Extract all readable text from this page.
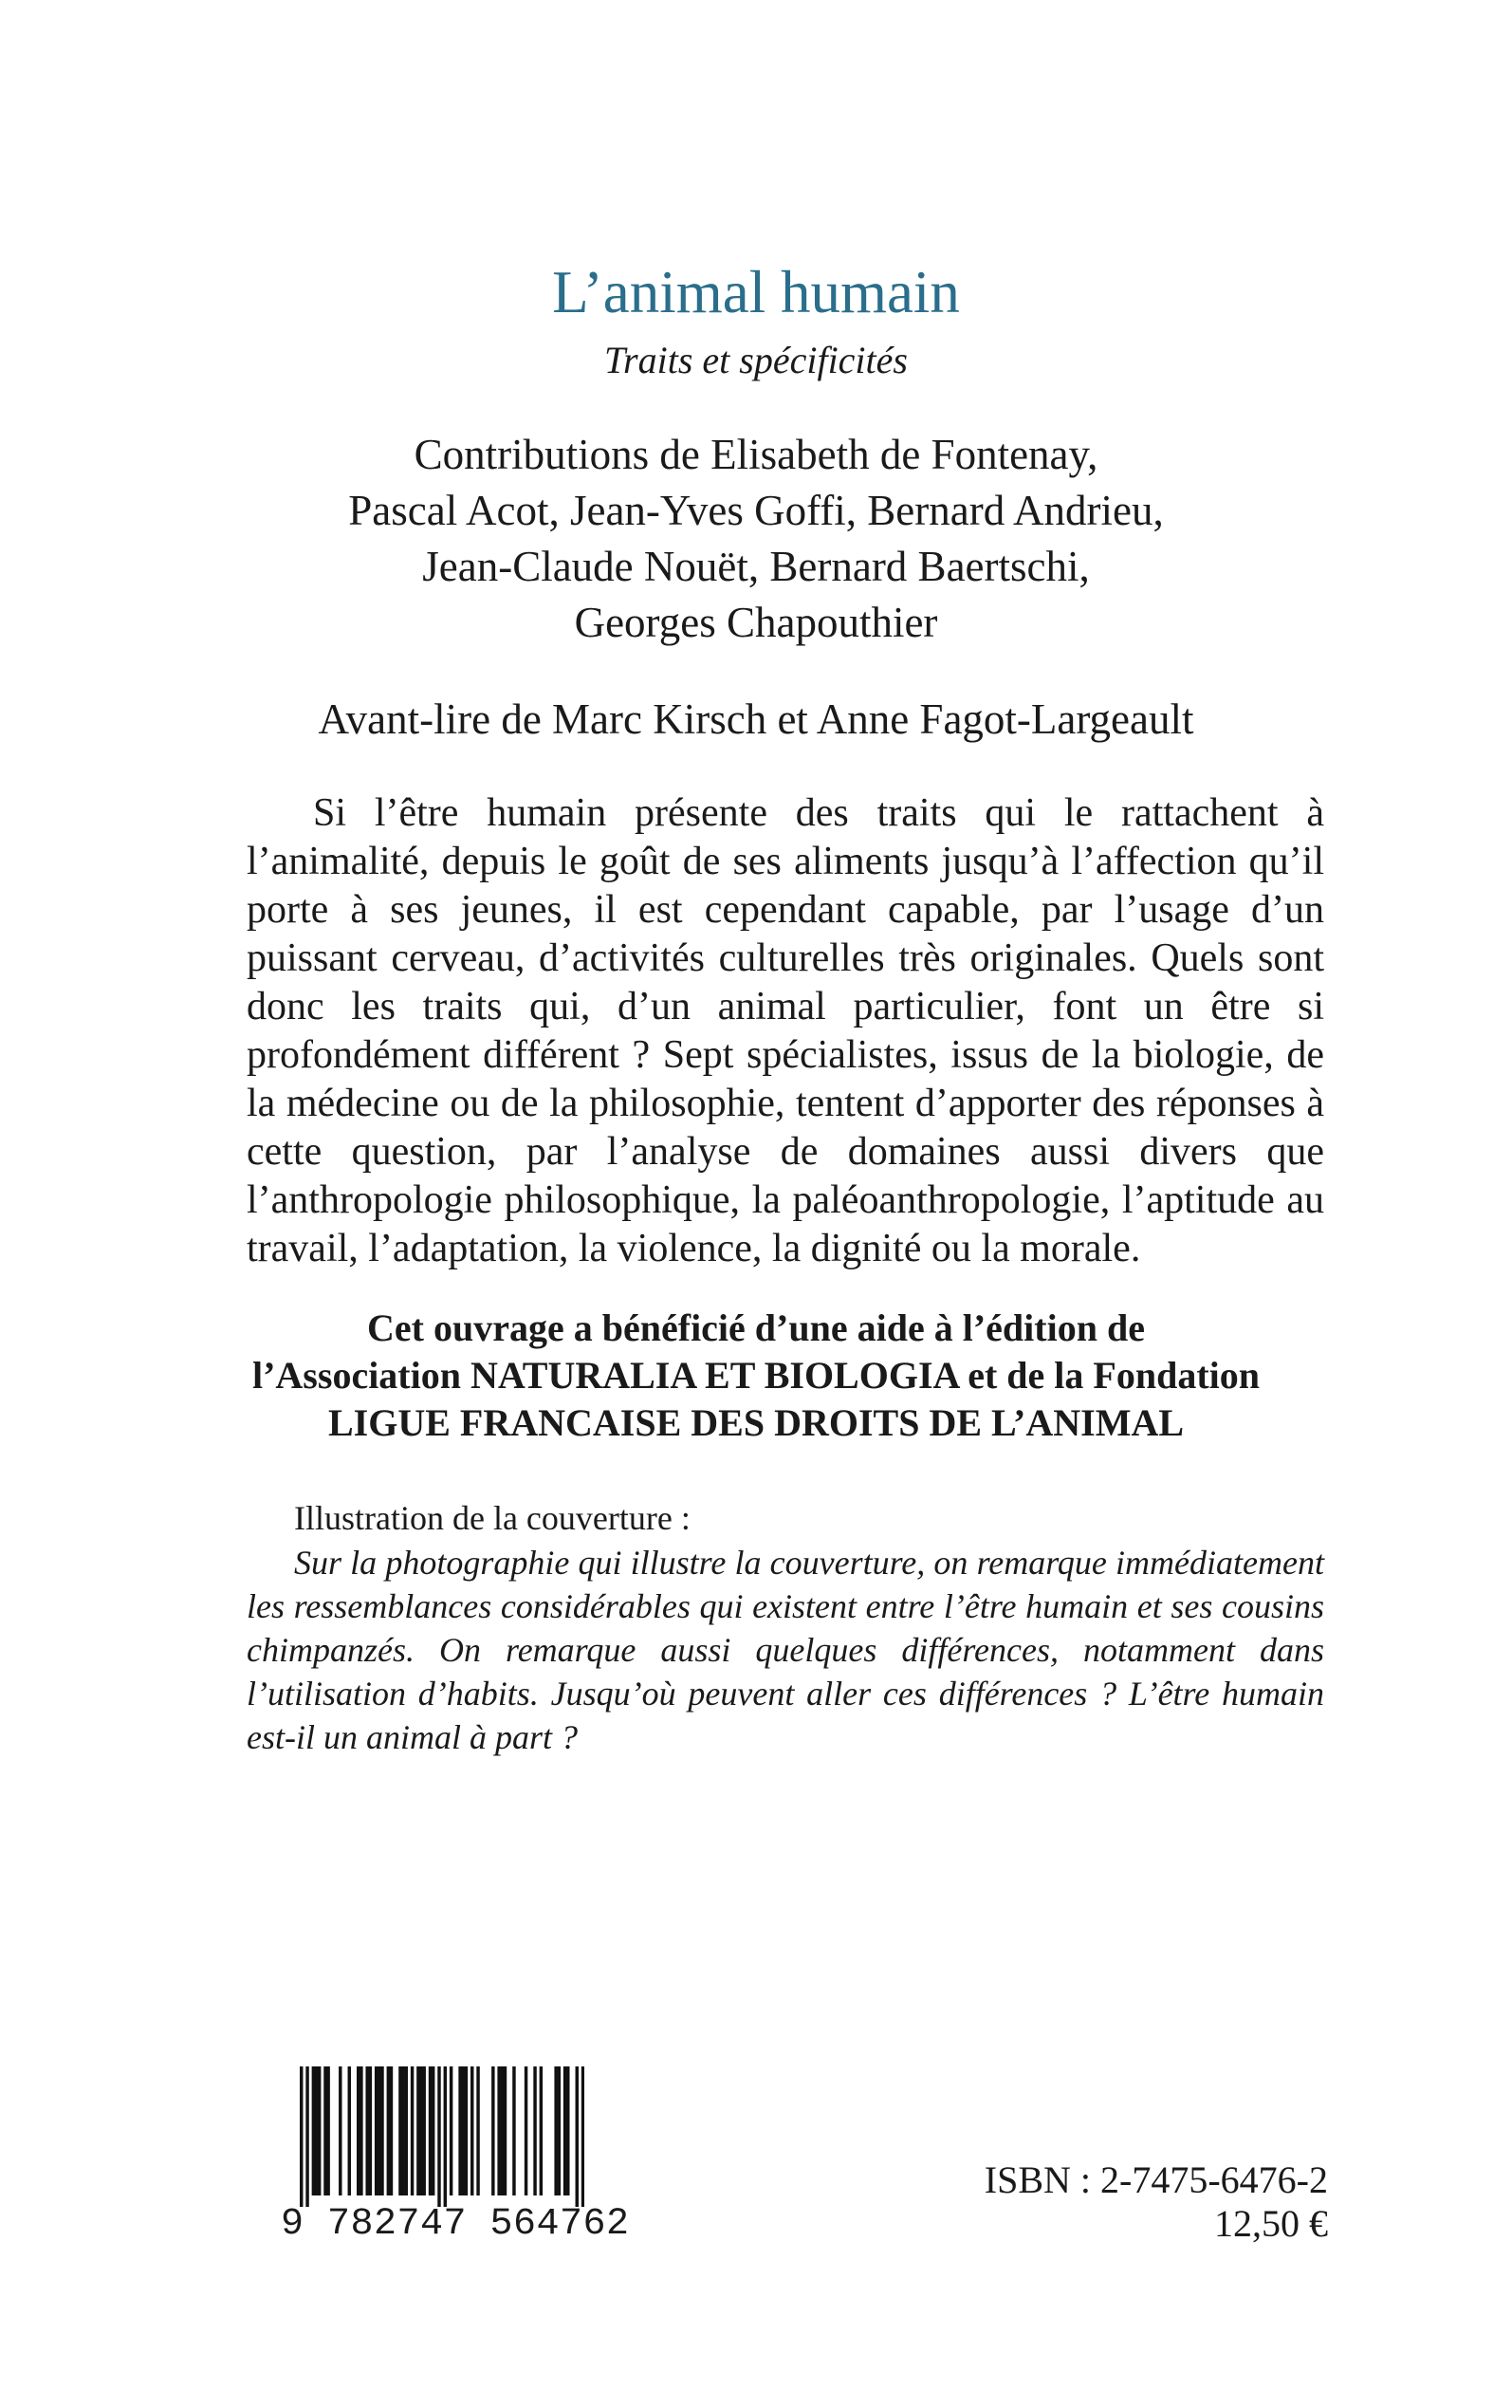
L’animal humain
Traits et spécificités
Contributions de Elisabeth de Fontenay,
Pascal Acot, Jean-Yves Goffi, Bernard Andrieu,
Jean-Claude Nouët, Bernard Baertschi,
Georges Chapouthier
Avant-lire de Marc Kirsch et Anne Fagot-Largeault

Si l’être humain présente des traits qui le rattachent à l’animalité, depuis le goût de ses aliments jusqu’à l’affection qu’il porte à ses jeunes, il est cependant capable, par l’usage d’un puissant cerveau, d’activités culturelles très originales. Quels sont donc les traits qui, d’un animal particulier, font un être si profondément différent ? Sept spécialistes, issus de la biologie, de la médecine ou de la philosophie, tentent d’apporter des réponses à cette question, par l’analyse de domaines aussi divers que l’anthropologie philosophique, la paléoanthropologie, l’aptitude au travail, l’adaptation, la violence, la dignité ou la morale.

Cet ouvrage a bénéficié d’une aide à l’édition de
l’Association NATURALIA ET BIOLOGIA et de la Fondation
LIGUE FRANCAISE DES DROITS DE L’ANIMAL
Illustration de la couverture :

Sur la photographie qui illustre la couverture, on remarque immédiatement les ressemblances considérables qui existent entre l’être humain et ses cousins chimpanzés. On remarque aussi quelques différences, notamment dans l’utilisation d’habits. Jusqu’où peuvent aller ces différences ? L’être humain est-il un animal à part ?

9 782747 564762
ISBN : 2-7475-6476-2
12,50 €
